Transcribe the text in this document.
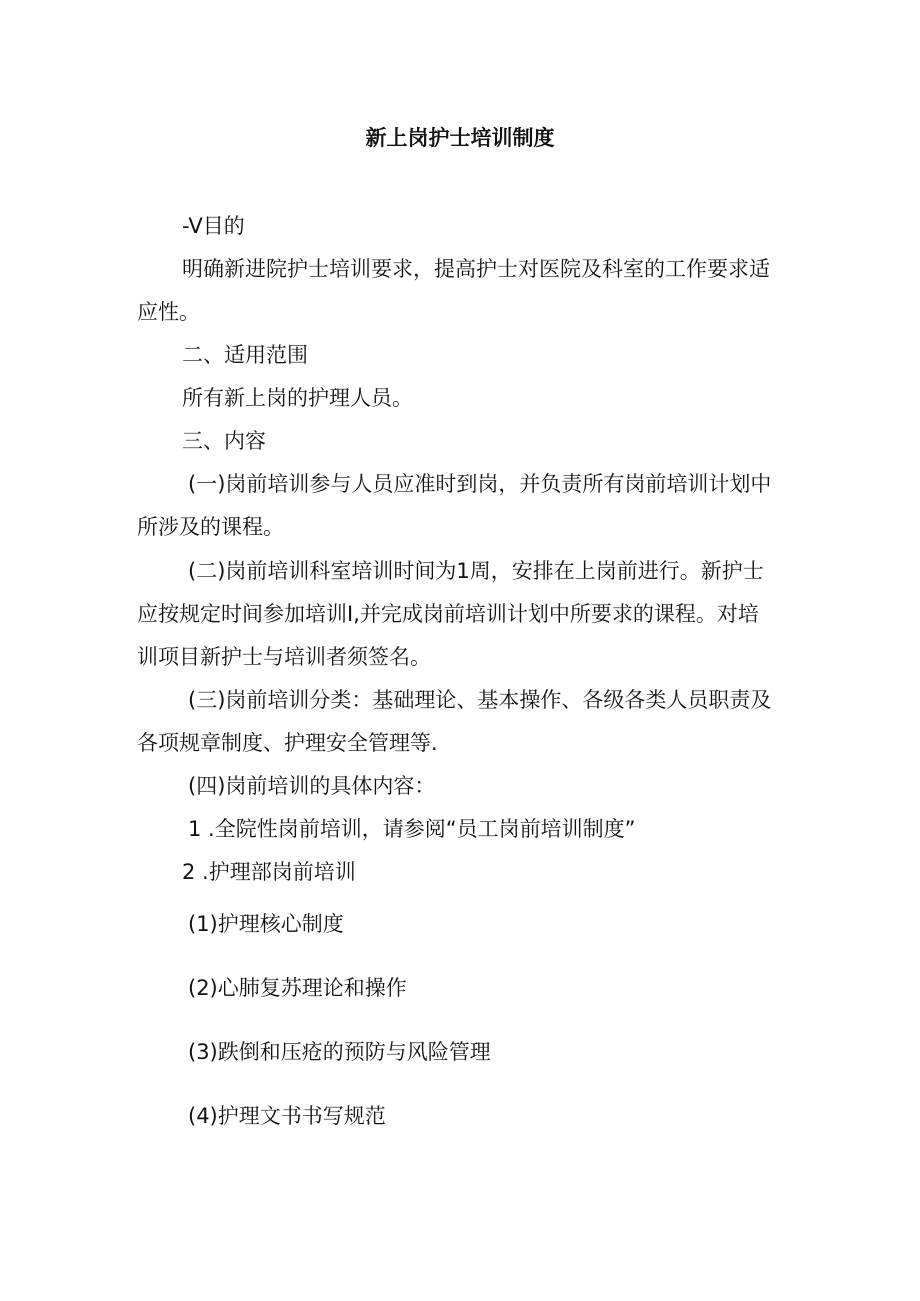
新上岗护士培训制度
-V目的
明确新进院护士培训要求，提高护士对医院及科室的工作要求适
应性。
二、适用范围
所有新上岗的护理人员。
三、内容
(一)岗前培训参与人员应准时到岗，并负责所有岗前培训计划中
所涉及的课程。
(二)岗前培训科室培训时间为1周，安排在上岗前进行。新护士
应按规定时间参加培训I,并完成岗前培训计划中所要求的课程。对培
训项目新护士与培训者须签名。
(三)岗前培训分类：基础理论、基本操作、各级各类人员职责及
各项规章制度、护理安全管理等.
(四)岗前培训的具体内容：
1 .全院性岗前培训，请参阅“员工岗前培训制度”
2 .护理部岗前培训
(1)护理核心制度
(2)心肺复苏理论和操作
(3)跌倒和压疮的预防与风险管理
(4)护理文书书写规范
